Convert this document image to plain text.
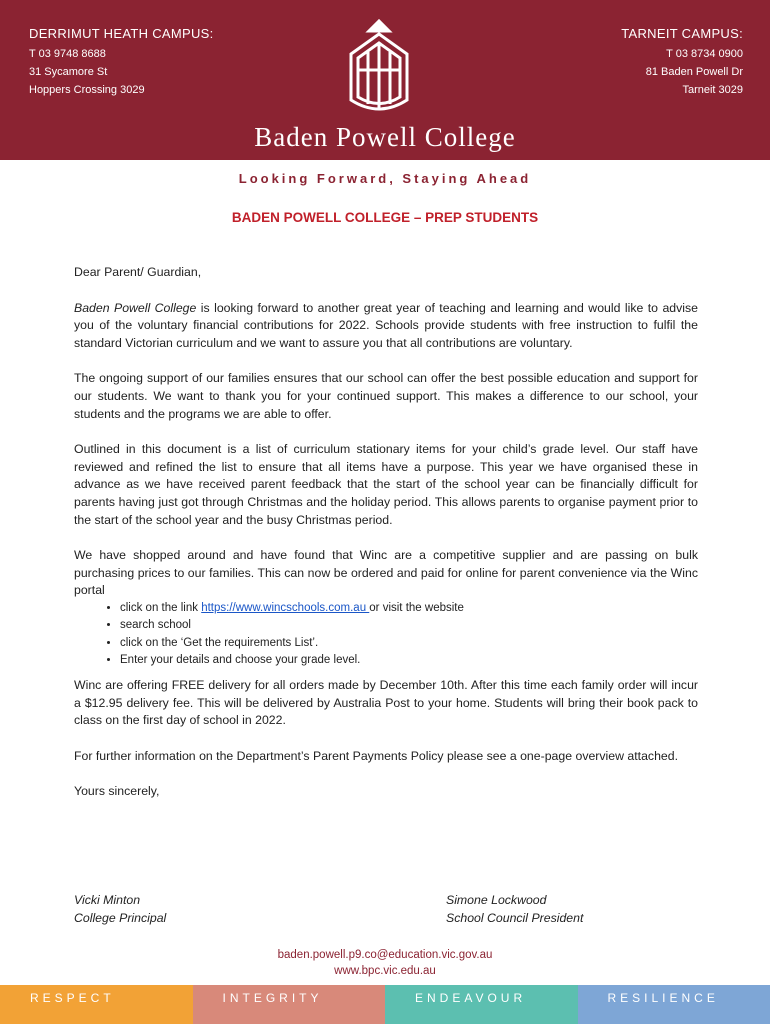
DERRIMUT HEATH CAMPUS:
T 03 9748 8688
31 Sycamore St
Hoppers Crossing 3029
TARNEIT CAMPUS:
T 03 8734 0900
81 Baden Powell Dr
Tarneit 3029
Baden Powell College
Looking Forward, Staying Ahead
BADEN POWELL COLLEGE – PREP STUDENTS

Dear Parent/ Guardian,

Baden Powell College is looking forward to another great year of teaching and learning and would like to advise you of the voluntary financial contributions for 2022. Schools provide students with free instruction to fulfil the standard Victorian curriculum and we want to assure you that all contributions are voluntary.

The ongoing support of our families ensures that our school can offer the best possible education and support for our students. We want to thank you for your continued support. This makes a difference to our school, your students and the programs we are able to offer.

Outlined in this document is a list of curriculum stationary items for your child’s grade level. Our staff have reviewed and refined the list to ensure that all items have a purpose. This year we have organised these in advance as we have received parent feedback that the start of the school year can be financially difficult for parents having just got through Christmas and the holiday period. This allows parents to organise payment prior to the start of the school year and the busy Christmas period.

We have shopped around and have found that Winc are a competitive supplier and are passing on bulk purchasing prices to our families. This can now be ordered and paid for online for parent convenience via the Winc portal

• click on the link https://www.wincschools.com.au or visit the website
• search school
• click on the ‘Get the requirements List’.
• Enter your details and choose your grade level.

Winc are offering FREE delivery for all orders made by December 10th. After this time each family order will incur a $12.95 delivery fee. This will be delivered by Australia Post to your home. Students will bring their book pack to class on the first day of school in 2022.

For further information on the Department’s Parent Payments Policy please see a one-page overview attached.

Yours sincerely,

Vicki Minton
College Principal
Simone Lockwood
School Council President
baden.powell.p9.co@education.vic.gov.au
www.bpc.vic.edu.au
RESPECT	INTEGRITY	ENDEAVOUR	RESILIENCE
